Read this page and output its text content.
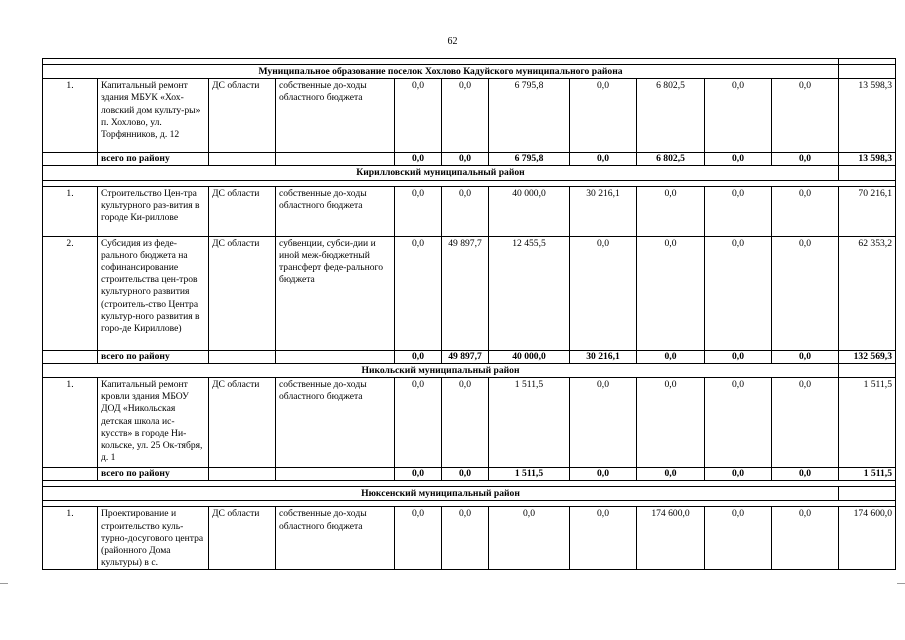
62

Муниципальное образование поселок Хохлово Кадуйского муниципального района											
1.	Капитальный ремонт здания МБУК «Хох-ловский дом культу-ры» п. Хохлово, ул. Торфянников, д. 12	ДС области	собственные до-ходы областного бюджета	0,0	0,0	6 795,8	0,0	6 802,5	0,0	0,0	13 598,3
	всего по району			0,0	0,0	6 795,8	0,0	6 802,5	0,0	0,0	13 598,3
Кирилловский муниципальный район											

1.	Строительство Цен-тра культурного раз-вития в городе Ки-риллове	ДС области	собственные до-ходы областного бюджета	0,0	0,0	40 000,0	30 216,1	0,0	0,0	0,0	70 216,1
2.	Субсидия из феде-рального бюджета на софинансирование строительства цен-тров культурного развития (строитель-ство Центра культур-ного развития в горо-де Кириллове)	ДС области	субвенции, субси-дии и иной меж-бюджетный трансферт феде-рального бюджета	0,0	49 897,7	12 455,5	0,0	0,0	0,0	0,0	62 353,2
	всего по району			0,0	49 897,7	40 000,0	30 216,1	0,0	0,0	0,0	132 569,3
Никольский муниципальный район											
1.	Капитальный ремонт кровли здания МБОУ ДОД «Никольская детская школа ис-кусств» в городе Ни-кольске, ул. 25 Ок-тября, д. 1	ДС области	собственные до-ходы областного бюджета	0,0	0,0	1 511,5	0,0	0,0	0,0	0,0	1 511,5
	всего по району			0,0	0,0	1 511,5	0,0	0,0	0,0	0,0	1 511,5

Нюксенский муниципальный район											

1.	Проектирование и строительство куль-турно-досугового центра (районного Дома культуры) в с.	ДС области	собственные до-ходы областного бюджета	0,0	0,0	0,0	0,0	174 600,0	0,0	0,0	174 600,0
